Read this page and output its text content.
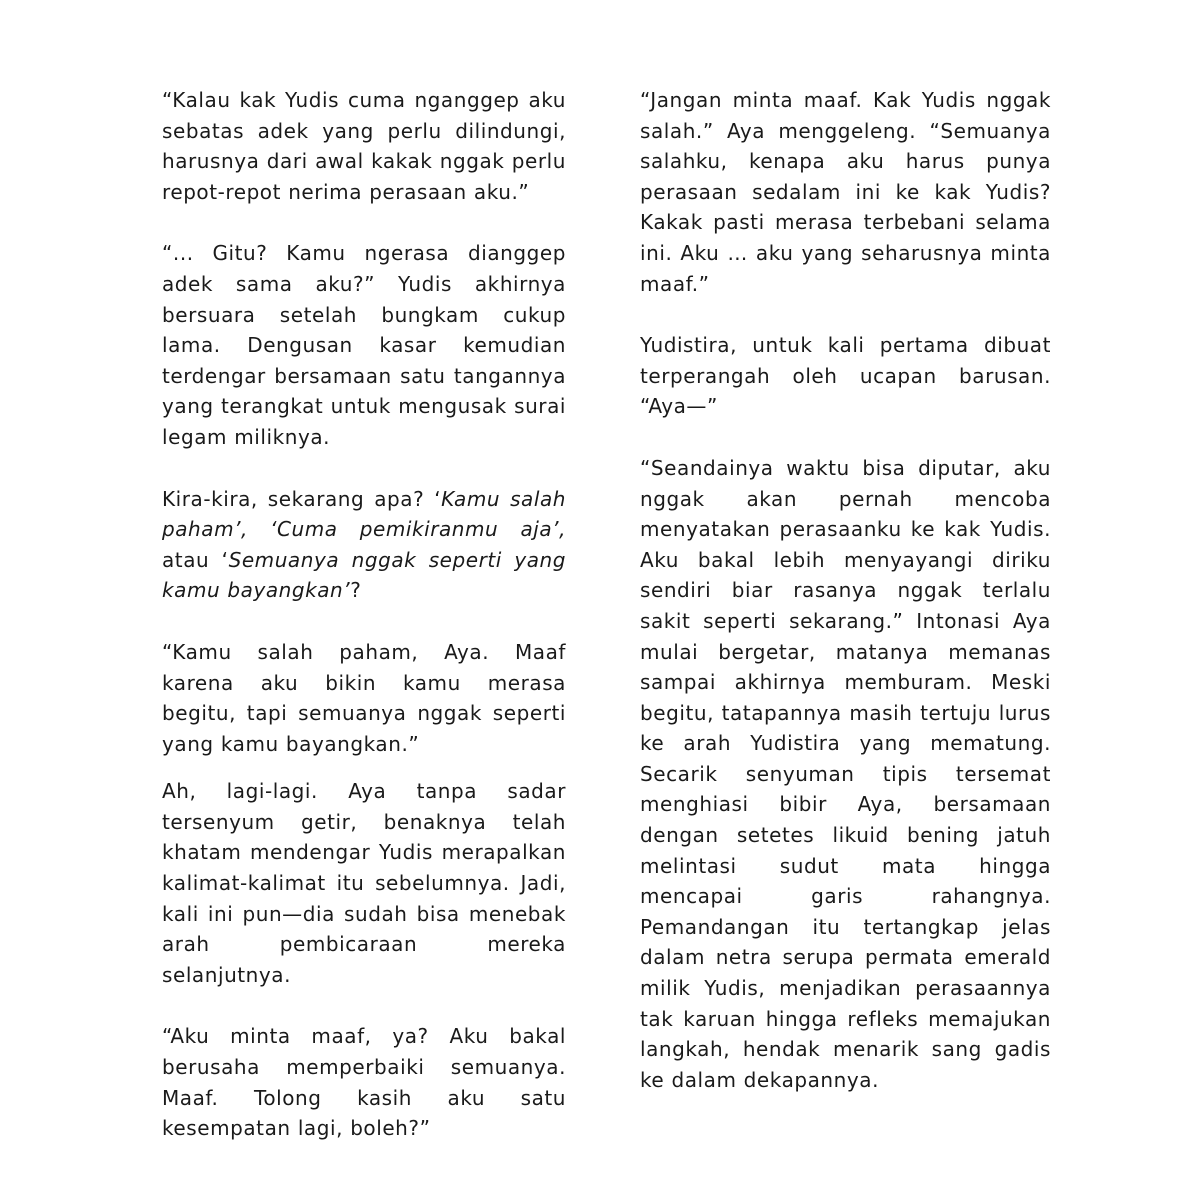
“Kalau kak Yudis cuma nganggep aku sebatas adek yang perlu dilindungi, harusnya dari awal kakak nggak perlu repot-repot nerima perasaan aku.”

“... Gitu? Kamu ngerasa dianggep adek sama aku?” Yudis akhirnya bersuara setelah bungkam cukup lama. Dengusan kasar kemudian terdengar bersamaan satu tangannya yang terangkat untuk mengusak surai legam miliknya.

Kira-kira, sekarang apa? ‘Kamu salah paham’, ‘Cuma pemikiranmu aja’, atau ‘Semuanya nggak seperti yang kamu bayangkan’?

“Kamu salah paham, Aya. Maaf karena aku bikin kamu merasa begitu, tapi semuanya nggak seperti yang kamu bayangkan.”

Ah, lagi-lagi. Aya tanpa sadar tersenyum getir, benaknya telah khatam mendengar Yudis merapalkan kalimat-kalimat itu sebelumnya. Jadi, kali ini pun—dia sudah bisa menebak arah pembicaraan mereka selanjutnya.

“Aku minta maaf, ya? Aku bakal berusaha memperbaiki semuanya. Maaf. Tolong kasih aku satu kesempatan lagi, boleh?”

“Jangan minta maaf. Kak Yudis nggak salah.” Aya menggeleng. “Semuanya salahku, kenapa aku harus punya perasaan sedalam ini ke kak Yudis? Kakak pasti merasa terbebani selama ini. Aku … aku yang seharusnya minta maaf.”

Yudistira, untuk kali pertama dibuat terperangah oleh ucapan barusan. “Aya—”

“Seandainya waktu bisa diputar, aku nggak akan pernah mencoba menyatakan perasaanku ke kak Yudis. Aku bakal lebih menyayangi diriku sendiri biar rasanya nggak terlalu sakit seperti sekarang.” Intonasi Aya mulai bergetar, matanya memanas sampai akhirnya memburam. Meski begitu, tatapannya masih tertuju lurus ke arah Yudistira yang mematung. Secarik senyuman tipis tersemat menghiasi bibir Aya, bersamaan dengan setetes likuid bening jatuh melintasi sudut mata hingga mencapai garis rahangnya. Pemandangan itu tertangkap jelas dalam netra serupa permata emerald milik Yudis, menjadikan perasaannya tak karuan hingga refleks memajukan langkah, hendak menarik sang gadis ke dalam dekapannya.
